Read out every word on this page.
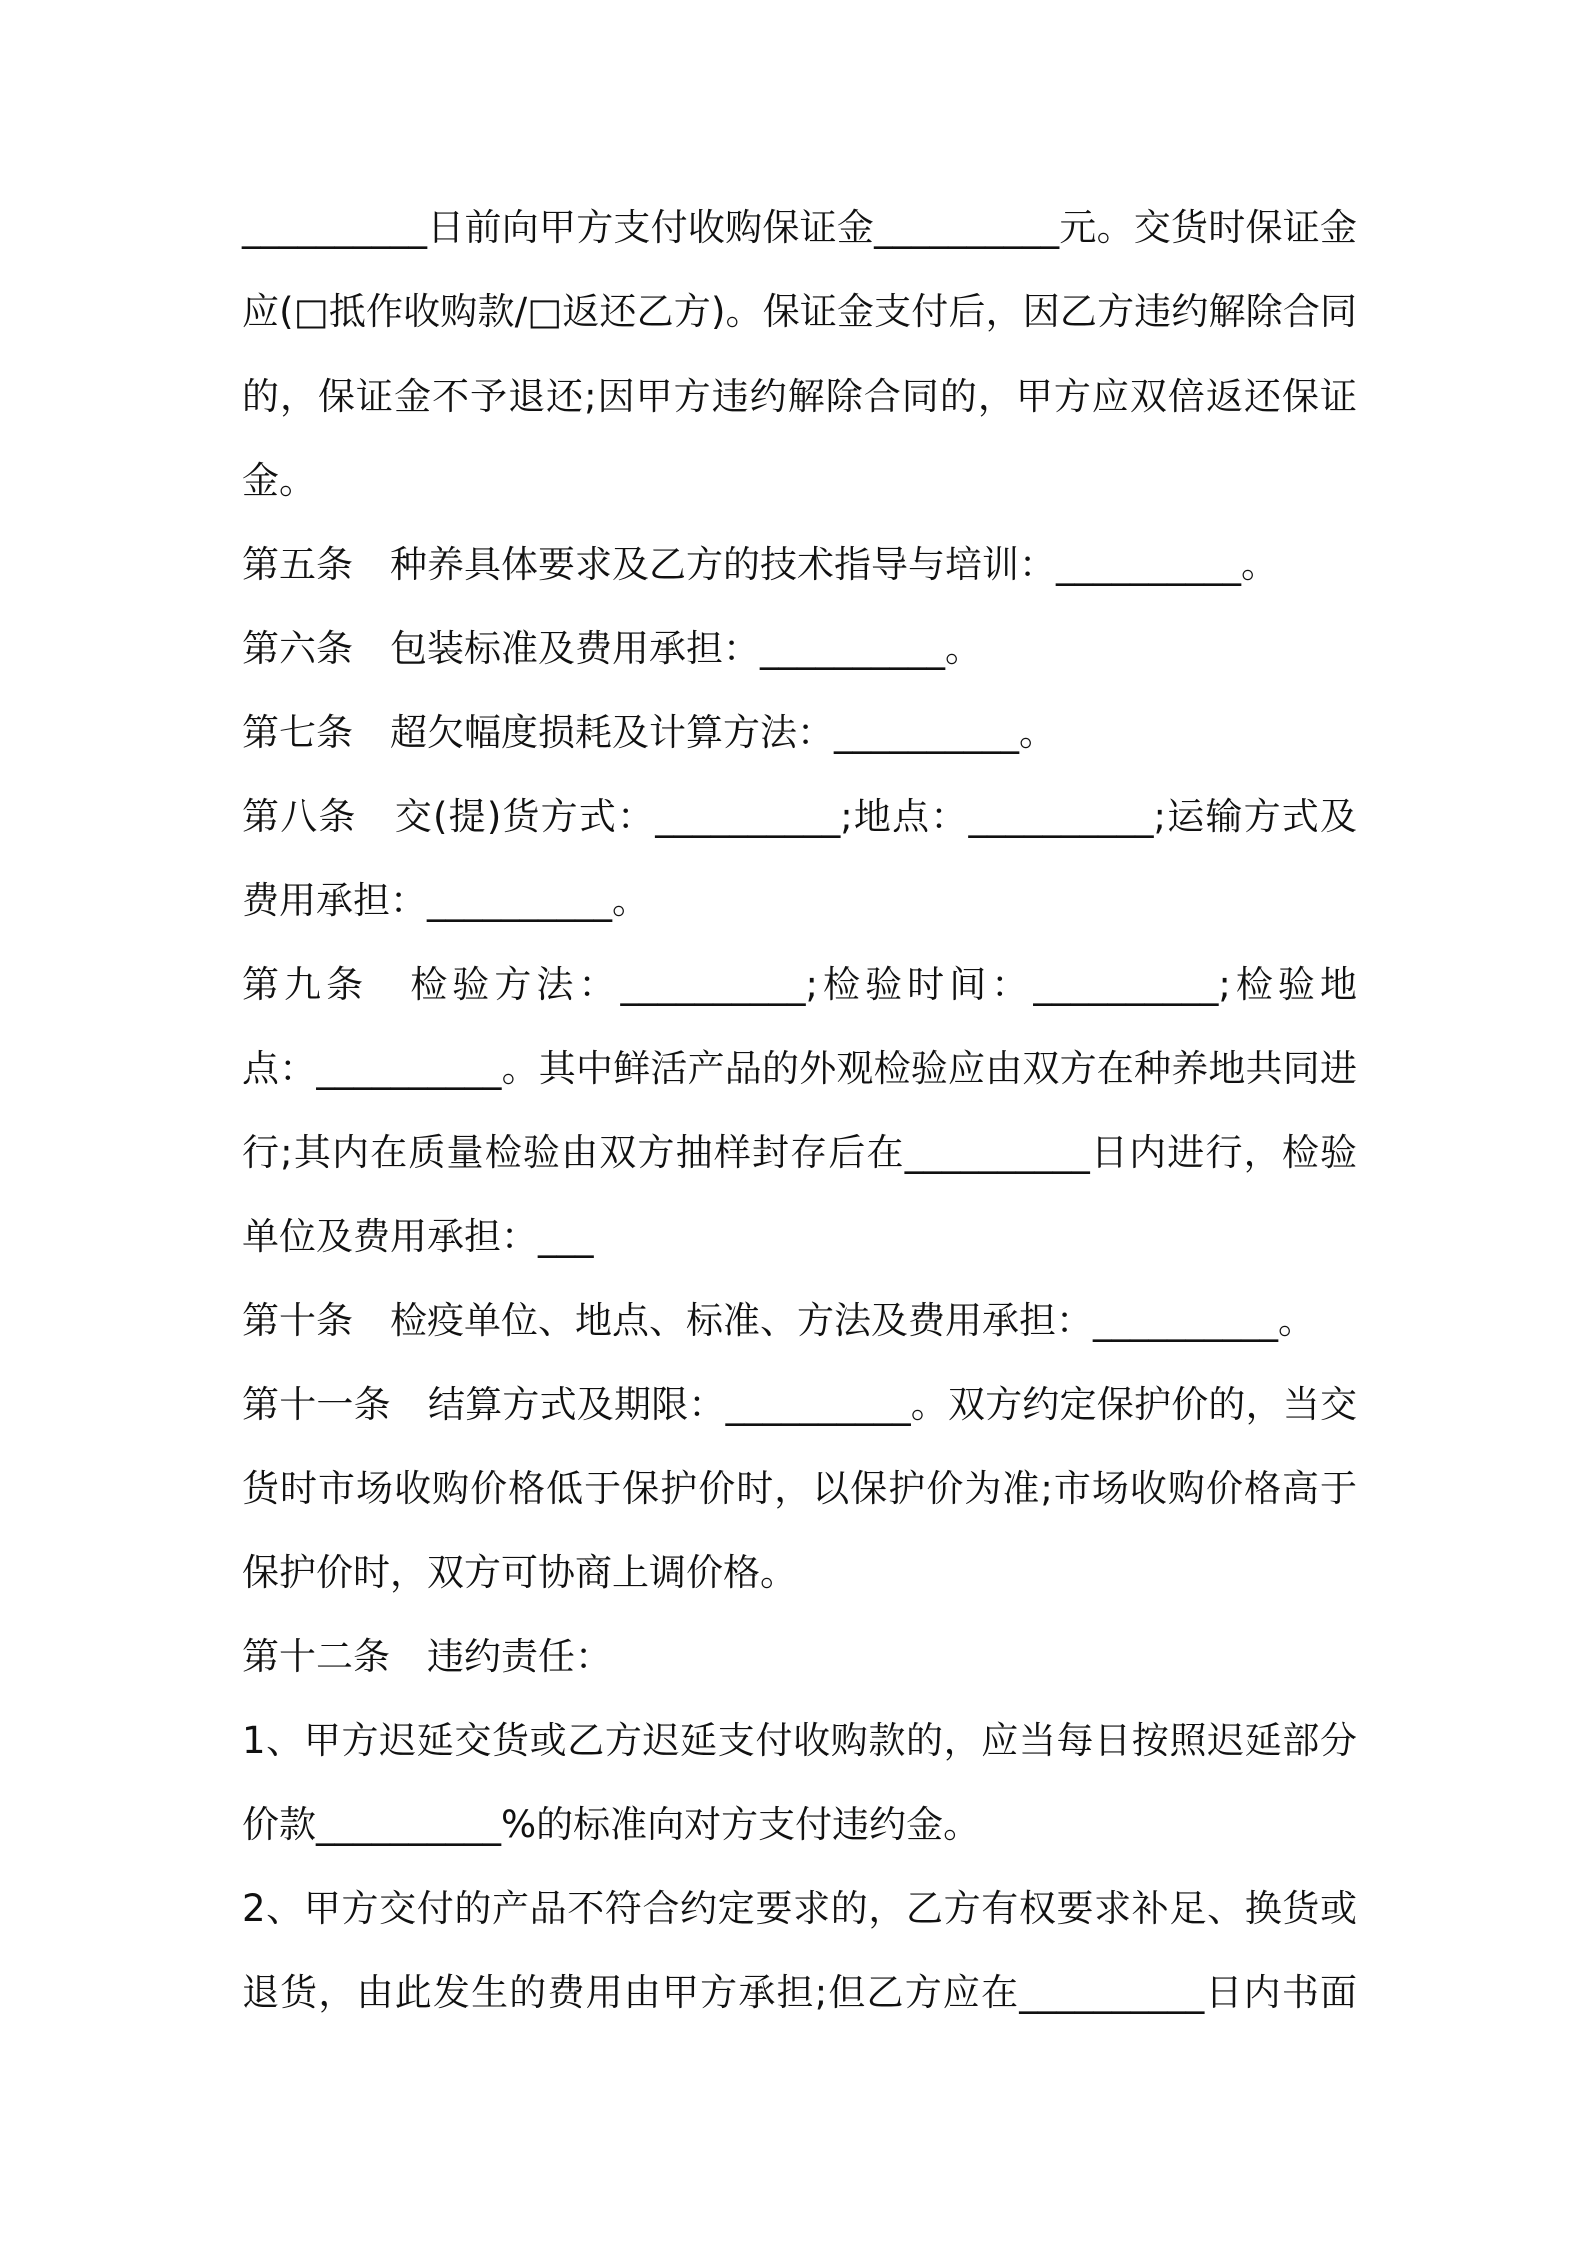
__________日前向甲方支付收购保证金__________元。交货时保证金
应(□抵作收购款/□返还乙方)。保证金支付后，因乙方违约解除合同
的，保证金不予退还;因甲方违约解除合同的，甲方应双倍返还保证
金。
第五条　种养具体要求及乙方的技术指导与培训：__________。
第六条　包装标准及费用承担：__________。
第七条　超欠幅度损耗及计算方法：__________。
第八条　交(提)货方式：__________;地点：__________;运输方式及
费用承担：__________。
第九条　检验方法：__________;检验时间：__________;检验地
点：__________。其中鲜活产品的外观检验应由双方在种养地共同进
行;其内在质量检验由双方抽样封存后在__________日内进行，检验
单位及费用承担：___
第十条　检疫单位、地点、标准、方法及费用承担：__________。
第十一条　结算方式及期限：__________。双方约定保护价的，当交
货时市场收购价格低于保护价时，以保护价为准;市场收购价格高于
保护价时，双方可协商上调价格。
第十二条　违约责任：
1、甲方迟延交货或乙方迟延支付收购款的，应当每日按照迟延部分
价款__________%的标准向对方支付违约金。
2、甲方交付的产品不符合约定要求的，乙方有权要求补足、换货或
退货，由此发生的费用由甲方承担;但乙方应在__________日内书面
